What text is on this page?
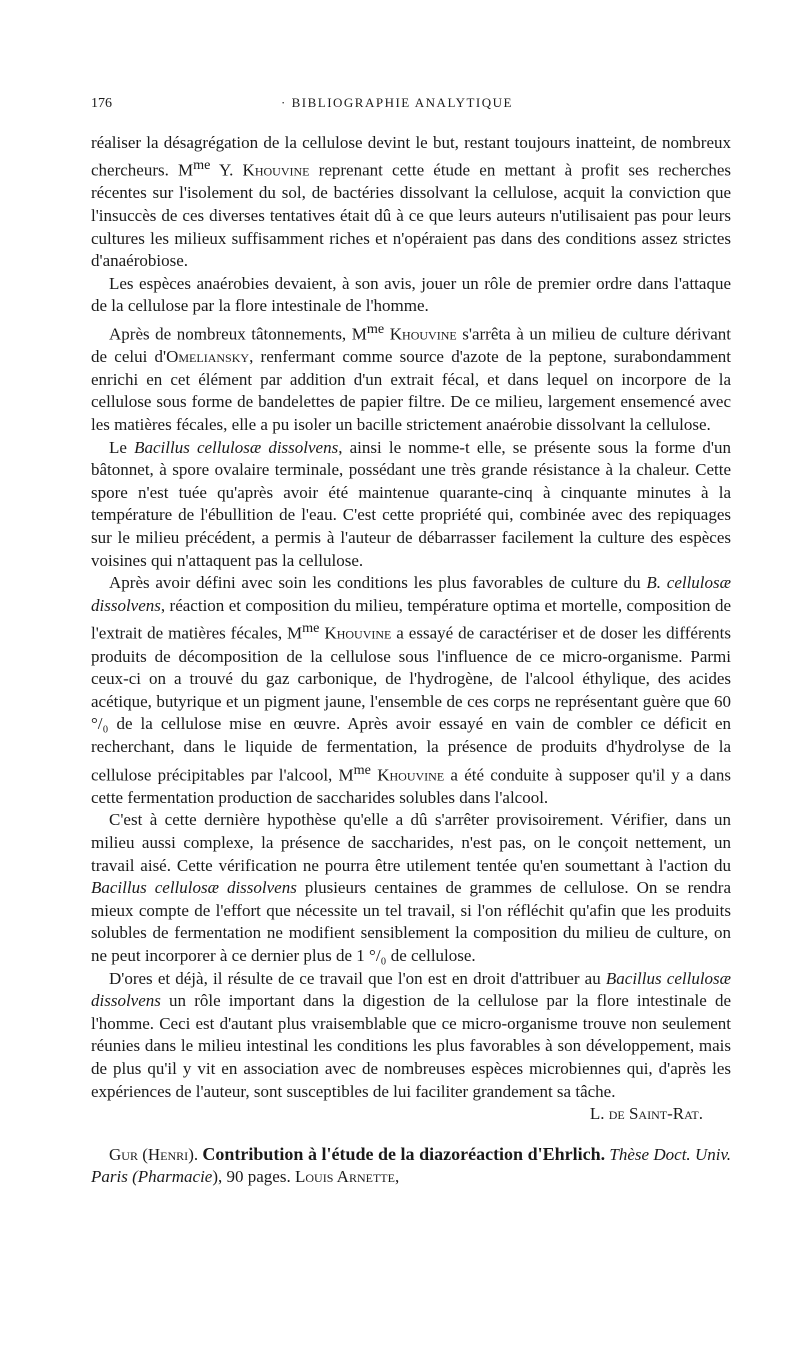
176	· BIBLIOGRAPHIE ANALYTIQUE

réaliser la désagrégation de la cellulose devint le but, restant toujours inatteint, de nombreux chercheurs. $M^{me}$ Y. Khouvine reprenant cette étude en mettant à profit ses recherches récentes sur l'isolement du sol, de bactéries dissolvant la cellulose, acquit la conviction que l'insuccès de ces diverses tentatives était dû à ce que leurs auteurs n'utilisaient pas pour leurs cultures les milieux suffisamment riches et n'opéraient pas dans des conditions assez strictes d'anaérobiose.

Les espèces anaérobies devaient, à son avis, jouer un rôle de premier ordre dans l'attaque de la cellulose par la flore intestinale de l'homme.

Après de nombreux tâtonnements, $M^{me}$ Khouvine s'arrêta à un milieu de culture dérivant de celui d'Omeliansky, renfermant comme source d'azote de la peptone, surabondamment enrichi en cet élément par addition d'un extrait fécal, et dans lequel on incorpore de la cellulose sous forme de bandelettes de papier filtre. De ce milieu, largement ensemencé avec les matières fécales, elle a pu isoler un bacille strictement anaérobie dissolvant la cellulose.

Le Bacillus cellulosæ dissolvens, ainsi le nomme-t elle, se présente sous la forme d'un bâtonnet, à spore ovalaire terminale, possédant une très grande résistance à la chaleur. Cette spore n'est tuée qu'après avoir été maintenue quarante-cinq à cinquante minutes à la température de l'ébullition de l'eau. C'est cette propriété qui, combinée avec des repiquages sur le milieu précédent, a permis à l'auteur de débarrasser facilement la culture des espèces voisines qui n'attaquent pas la cellulose.

Après avoir défini avec soin les conditions les plus favorables de culture du B. cellulosæ dissolvens, réaction et composition du milieu, température optima et mortelle, composition de l'extrait de matières fécales, $M^{me}$ Khouvine a essayé de caractériser et de doser les différents produits de décomposition de la cellulose sous l'influence de ce micro-organisme. Parmi ceux-ci on a trouvé du gaz carbonique, de l'hydrogène, de l'alcool éthylique, des acides acétique, butyrique et un pigment jaune, l'ensemble de ces corps ne représentant guère que 60 °/₀ de la cellulose mise en œuvre. Après avoir essayé en vain de combler ce déficit en recherchant, dans le liquide de fermentation, la présence de produits d'hydrolyse de la cellulose précipitables par l'alcool, $M^{me}$ Khouvine a été conduite à supposer qu'il y a dans cette fermentation production de saccharides solubles dans l'alcool.

C'est à cette dernière hypothèse qu'elle a dû s'arrêter provisoirement. Vérifier, dans un milieu aussi complexe, la présence de saccharides, n'est pas, on le conçoit nettement, un travail aisé. Cette vérification ne pourra être utilement tentée qu'en soumettant à l'action du Bacillus cellulosæ dissolvens plusieurs centaines de grammes de cellulose. On se rendra mieux compte de l'effort que nécessite un tel travail, si l'on réfléchit qu'afin que les produits solubles de fermentation ne modifient sensiblement la composition du milieu de culture, on ne peut incorporer à ce dernier plus de 1 °/₀ de cellulose.

D'ores et déjà, il résulte de ce travail que l'on est en droit d'attribuer au Bacillus cellulosæ dissolvens un rôle important dans la digestion de la cellulose par la flore intestinale de l'homme. Ceci est d'autant plus vraisemblable que ce micro-organisme trouve non seulement réunies dans le milieu intestinal les conditions les plus favorables à son développement, mais de plus qu'il y vit en association avec de nombreuses espèces microbiennes qui, d'après les expériences de l'auteur, sont susceptibles de lui faciliter grandement sa tâche.

L. de Saint-Rat.
Gur (Henri). Contribution à l'étude de la diazoréaction d'Ehrlich. Thèse Doct. Univ. Paris (Pharmacie), 90 pages. Louis Arnette,
